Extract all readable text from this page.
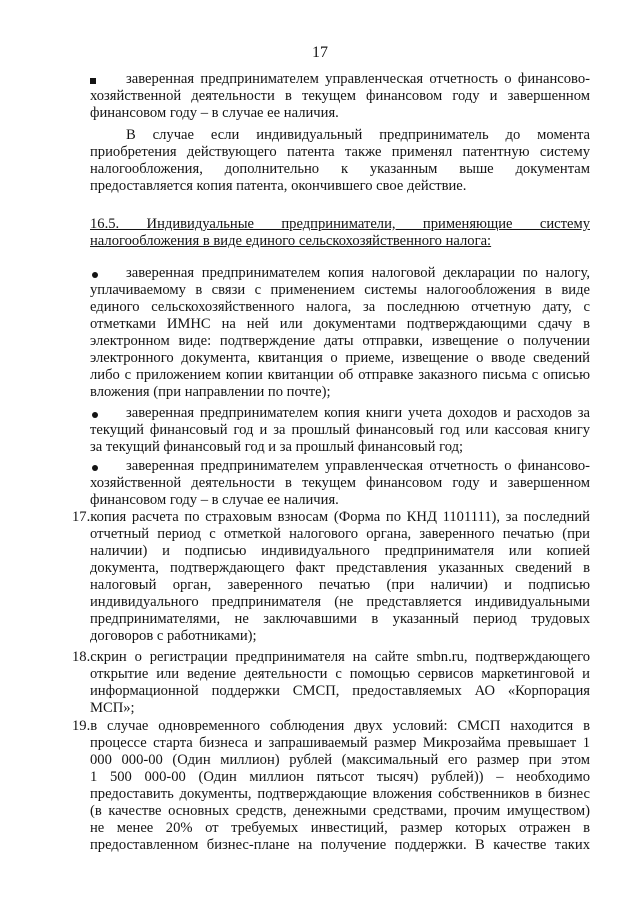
17
заверенная предпринимателем управленческая отчетность о финансово-
хозяйственной деятельности в текущем финансовом году и завершенном
финансовом году – в случае ее наличия.
В случае если индивидуальный предприниматель до момента
приобретения действующего патента также применял патентную систему
налогообложения, дополнительно к указанным выше документам
предоставляется копия патента, окончившего свое действие.
16.5. Индивидуальные предприниматели, применяющие систему
налогообложения в виде единого сельскохозяйственного налога:
заверенная предпринимателем копия налоговой декларации по налогу,
уплачиваемому в связи с применением системы налогообложения в виде
единого сельскохозяйственного налога, за последнюю отчетную дату, с
отметками ИМНС на ней или документами подтверждающими сдачу в
электронном виде: подтверждение даты отправки, извещение о получении
электронного документа, квитанция о приеме, извещение о вводе сведений
либо с приложением копии квитанции об отправке заказного письма с описью
вложения (при направлении по почте);
заверенная предпринимателем копия книги учета доходов и расходов за
текущий финансовый год и за прошлый финансовый год или кассовая книгу
за текущий финансовый год и за прошлый финансовый год;
заверенная предпринимателем управленческая отчетность о финансово-
хозяйственной деятельности в текущем финансовом году и завершенном
финансовом году – в случае ее наличия.
17.копия расчета по страховым взносам (Форма по КНД 1101111), за последний
отчетный период с отметкой налогового органа, заверенного печатью (при
наличии) и подписью индивидуального предпринимателя или копией
документа, подтверждающего факт представления указанных сведений в
налоговый орган, заверенного печатью (при наличии) и подписью
индивидуального предпринимателя (не представляется индивидуальными
предпринимателями, не заключавшими в указанный период трудовых
договоров с работниками);
18.скрин о регистрации предпринимателя на сайте smbn.ru, подтверждающего
открытие или ведение деятельности с помощью сервисов маркетинговой и
информационной поддержки СМСП, предоставляемых АО «Корпорация
МСП»;
19.в случае одновременного соблюдения двух условий: СМСП находится в
процессе старта бизнеса и запрашиваемый размер Микрозайма превышает 1
000 000-00 (Один миллион) рублей (максимальный его размер при этом
1 500 000-00 (Один миллион пятьсот тысяч) рублей)) – необходимо
предоставить документы, подтверждающие вложения собственников в бизнес
(в качестве основных средств, денежными средствами, прочим имуществом)
не менее 20% от требуемых инвестиций, размер которых отражен в
предоставленном бизнес-плане на получение поддержки. В качестве таких
